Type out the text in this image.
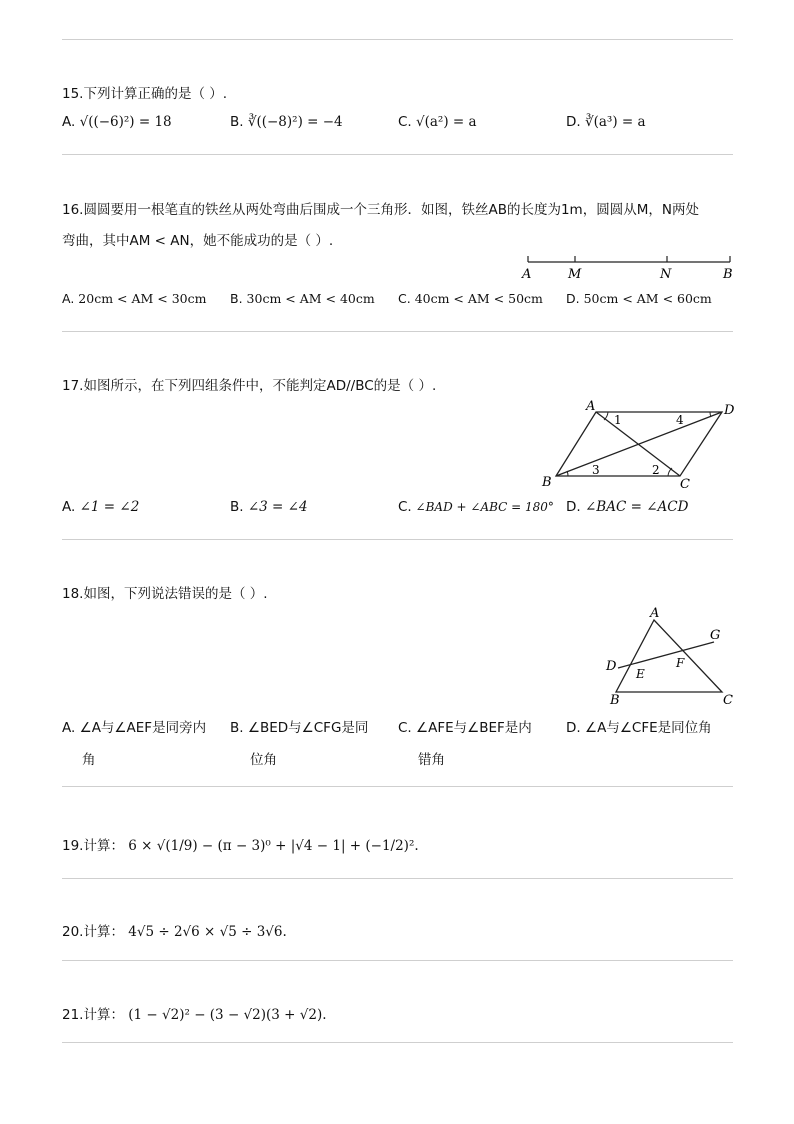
15.下列计算正确的是（ ）.
A. √((−6)²) = 18	B. ∛((−8)²) = −4	C. √(a²) = a	D. ∛(a³) = a
16.圆圆要用一根笔直的铁丝从两处弯曲后围成一个三角形．如图，铁丝AB的长度为1m，圆圆从M，N两处
弯曲，其中AM < AN，她不能成功的是（ ）.
A	M	N	B
A. 20cm < AM < 30cm B. 30cm < AM < 40cm C. 40cm < AM < 50cm D. 50cm < AM < 60cm
17.如图所示，在下列四组条件中，不能判定AD//BC的是（ ）.
A	D
B	C
1
2
3
4
A. ∠1 = ∠2	B. ∠3 = ∠4	C. ∠BAD + ∠ABC = 180° D. ∠BAC = ∠ACD
18.如图，下列说法错误的是（ ）.
A
G
D E
F
B	C
A. ∠A与∠AEF是同旁内
角
B. ∠BED与∠CFG是同
位角
C. ∠AFE与∠BEF是内
错角
D. ∠A与∠CFE是同位角
19.计算： 6 × √(1/9) − (π − 3)⁰ + |√4 − 1| + (−1/2)².
20.计算： 4√5 ÷ 2√6 × √5 ÷ 3√6.
21.计算： (1 − √2)² − (3 − √2)(3 + √2).
